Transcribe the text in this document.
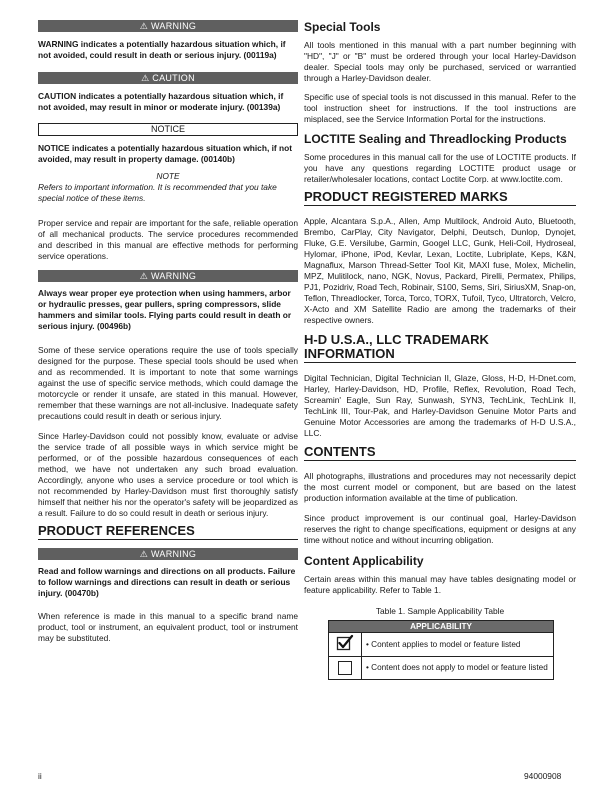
⚠ WARNING

WARNING indicates a potentially hazardous situation which, if not avoided, could result in death or serious injury. (00119a)

⚠ CAUTION

CAUTION indicates a potentially hazardous situation which, if not avoided, may result in minor or moderate injury. (00139a)

NOTICE

NOTICE indicates a potentially hazardous situation which, if not avoided, may result in property damage. (00140b)

NOTE

Refers to important information. It is recommended that you take special notice of these items.

Proper service and repair are important for the safe, reliable operation of all mechanical products. The service procedures recommended and described in this manual are effective methods for performing service operations.

⚠ WARNING

Always wear proper eye protection when using hammers, arbor or hydraulic presses, gear pullers, spring compressors, slide hammers and similar tools. Flying parts could result in death or serious injury. (00496b)

Some of these service operations require the use of tools specially designed for the purpose. These special tools should be used when and as recommended. It is important to note that some warnings against the use of specific service methods, which could damage the motorcycle or render it unsafe, are stated in this manual. However, remember that these warnings are not all-inclusive. Inadequate safety precautions could result in death or serious injury.

Since Harley-Davidson could not possibly know, evaluate or advise the service trade of all possible ways in which service might be performed, or of the possible hazardous consequences of each method, we have not undertaken any such broad evaluation. Accordingly, anyone who uses a service procedure or tool which is not recommended by Harley-Davidson must first thoroughly satisfy himself that neither his nor the operator's safety will be jeopardized as a result. Failure to do so could result in death or serious injury.

PRODUCT REFERENCES
⚠ WARNING

Read and follow warnings and directions on all products. Failure to follow warnings and directions can result in death or serious injury. (00470b)

When reference is made in this manual to a specific brand name product, tool or instrument, an equivalent product, tool or instrument may be substituted.

Special Tools

All tools mentioned in this manual with a part number beginning with "HD", "J" or "B" must be ordered through your local Harley-Davidson dealer. Special tools may only be purchased, serviced or warrantied through a Harley-Davidson dealer.

Specific use of special tools is not discussed in this manual. Refer to the tool instruction sheet for instructions. If the tool instructions are misplaced, see the Service Information Portal for the instructions.

LOCTITE Sealing and Threadlocking Products

Some procedures in this manual call for the use of LOCTITE products. If you have any questions regarding LOCTITE product usage or retailer/wholesaler locations, contact Loctite Corp. at www.loctite.com.

PRODUCT REGISTERED MARKS

Apple, Alcantara S.p.A., Allen, Amp Multilock, Android Auto, Bluetooth, Brembo, CarPlay, City Navigator, Delphi, Deutsch, Dunlop, Dynojet, Fluke, G.E. Versilube, Garmin, Googel LLC, Gunk, Heli-Coil, Hydroseal, Hylomar, iPhone, iPod, Kevlar, Lexan, Loctite, Lubriplate, Keps, K&N, Magnaflux, Marson Thread-Setter Tool Kit, MAXI fuse, Molex, Michelin, MPZ, Mulitilock, nano, NGK, Novus, Packard, Pirelli, Permatex, Philips, PJ1, Pozidriv, Road Tech, Robinair, S100, Sems, Siri, SiriusXM, Snap-on, Teflon, Threadlocker, Torca, Torco, TORX, Tufoil, Tyco, Ultratorch, Velcro, X-Acto and XM Satellite Radio are among the trademarks of their respective owners.

H-D U.S.A., LLC TRADEMARK INFORMATION

Digital Technician, Digital Technician II, Glaze, Gloss, H-D, H-Dnet.com, Harley, Harley-Davidson, HD, Profile, Reflex, Revolution, Road Tech, Screamin' Eagle, Sun Ray, Sunwash, SYN3, TechLink, TechLink II, TechLink III, Tour-Pak, and Harley-Davidson Genuine Motor Parts and Genuine Motor Accessories are among the trademarks of H-D U.S.A., LLC.

CONTENTS

All photographs, illustrations and procedures may not necessarily depict the most current model or component, but are based on the latest production information available at the time of publication.

Since product improvement is our continual goal, Harley-Davidson reserves the right to change specifications, equipment or designs at any time without notice and without incurring obligation.

Content Applicability

Certain areas within this manual may have tables designating model or feature applicability. Refer to Table 1.

Table 1. Sample Applicability Table

APPLICABILITY	
	• Content applies to model or feature listed
	• Content does not apply to model or feature listed
ii	94000908
